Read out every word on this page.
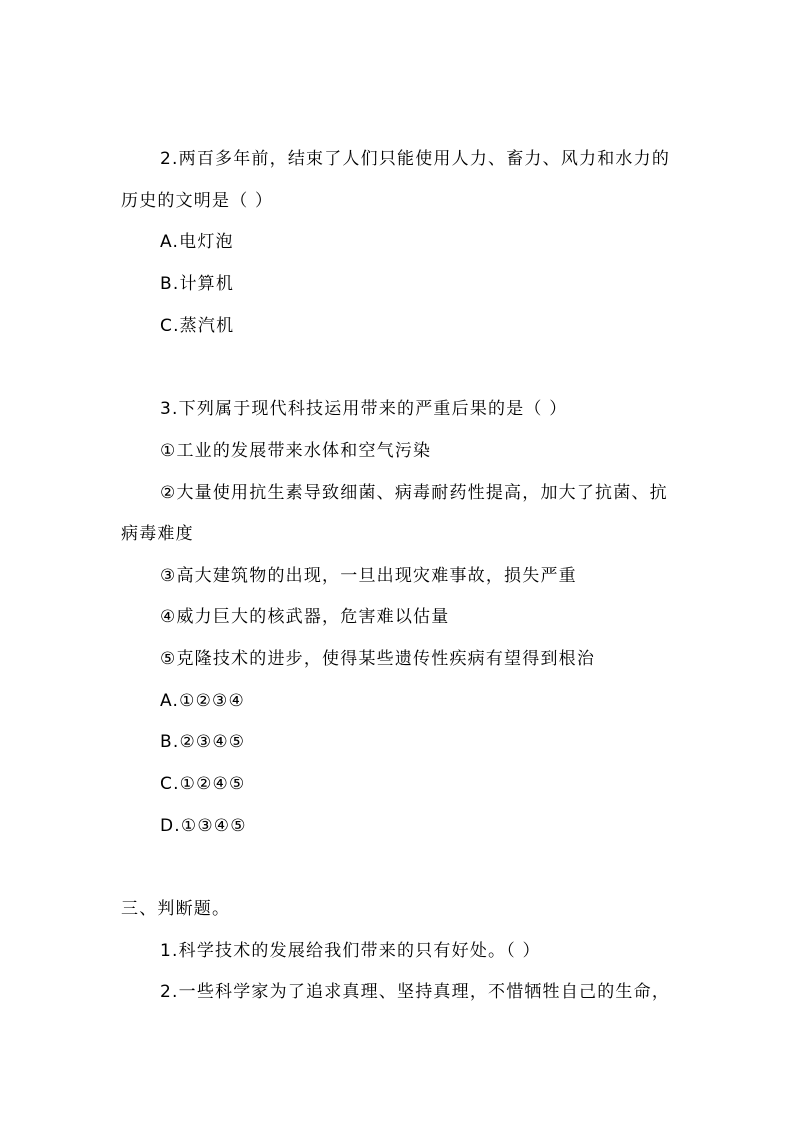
2.两百多年前，结束了人们只能使用人力、畜力、风力和水力的
历史的文明是（ ）
A.电灯泡
B.计算机
C.蒸汽机
3.下列属于现代科技运用带来的严重后果的是（ ）
①工业的发展带来水体和空气污染
②大量使用抗生素导致细菌、病毒耐药性提高，加大了抗菌、抗
病毒难度
③高大建筑物的出现，一旦出现灾难事故，损失严重
④威力巨大的核武器，危害难以估量
⑤克隆技术的进步，使得某些遗传性疾病有望得到根治
A.①②③④
B.②③④⑤
C.①②④⑤
D.①③④⑤
三、判断题。
1.科学技术的发展给我们带来的只有好处。（ ）
2.一些科学家为了追求真理、坚持真理，不惜牺牲自己的生命，
